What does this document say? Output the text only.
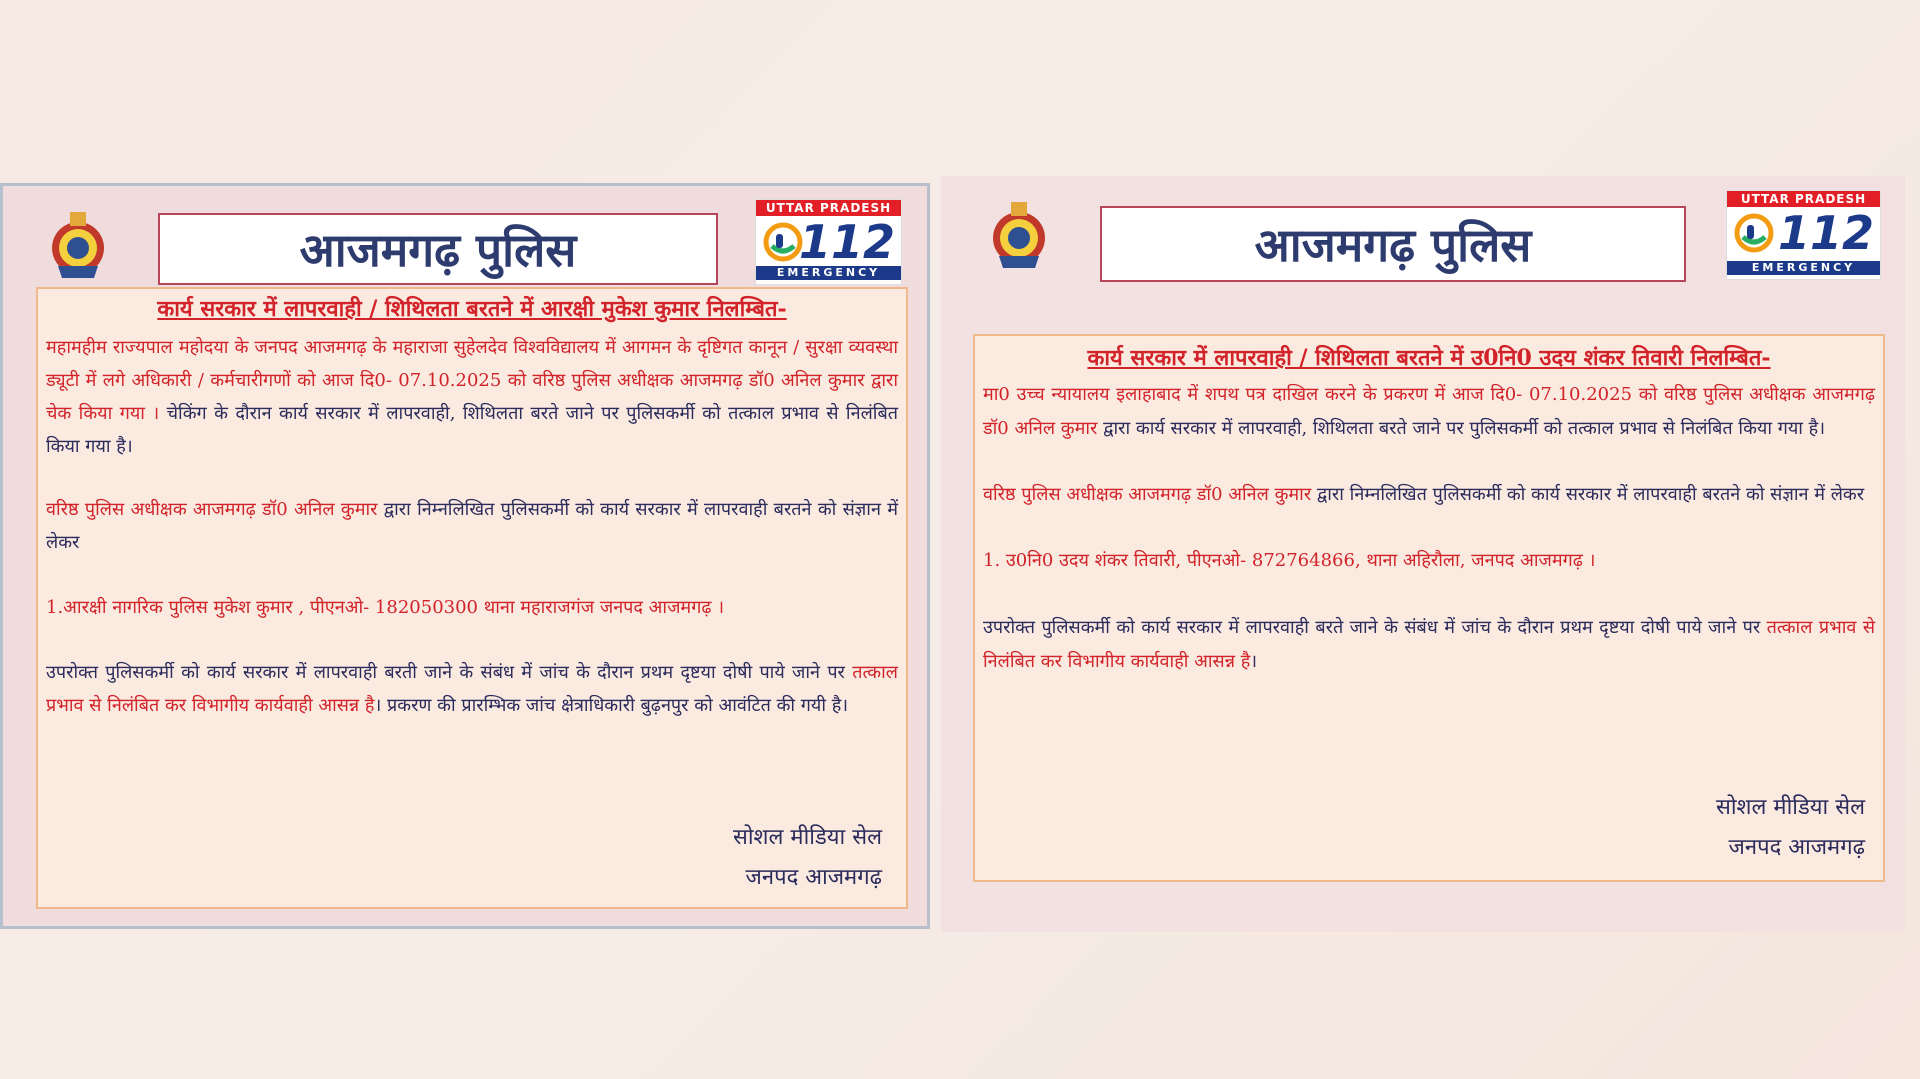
आजमगढ़ पुलिस
UTTAR PRADESH
112
EMERGENCY

कार्य सरकार में लापरवाही / शिथिलता बरतने में आरक्षी मुकेश कुमार निलम्बित-

महामहीम राज्यपाल महोदया के जनपद आजमगढ़ के महाराजा सुहेलदेव विश्वविद्यालय में आगमन के दृष्टिगत कानून / सुरक्षा व्यवस्था ड्यूटी में लगे अधिकारी / कर्मचारीगणों को आज दि0- 07.10.2025 को वरिष्ठ पुलिस अधीक्षक आजमगढ़ डॉ0 अनिल कुमार द्वारा चेक किया गया । चेकिंग के दौरान कार्य सरकार में लापरवाही, शिथिलता बरते जाने पर पुलिसकर्मी को तत्काल प्रभाव से निलंबित किया गया है।

वरिष्ठ पुलिस अधीक्षक आजमगढ़ डॉ0 अनिल कुमार द्वारा निम्नलिखित पुलिसकर्मी को कार्य सरकार में लापरवाही बरतने को संज्ञान में लेकर

1.आरक्षी नागरिक पुलिस मुकेश कुमार , पीएनओ- 182050300 थाना महाराजगंज जनपद आजमगढ़ ।

उपरोक्त पुलिसकर्मी को कार्य सरकार में लापरवाही बरती जाने के संबंध में जांच के दौरान प्रथम दृष्टया दोषी पाये जाने पर तत्काल प्रभाव से निलंबित कर विभागीय कार्यवाही आसन्न है। प्रकरण की प्रारम्भिक जांच क्षेत्राधिकारी बुढ़नपुर को आवंटित की गयी है।

सोशल मीडिया सेल
जनपद आजमगढ़
आजमगढ़ पुलिस
UTTAR PRADESH
112
EMERGENCY

कार्य सरकार में लापरवाही / शिथिलता बरतने में उ0नि0 उदय शंकर तिवारी निलम्बित-

मा0 उच्च न्यायालय इलाहाबाद में शपथ पत्र दाखिल करने के प्रकरण में आज दि0- 07.10.2025 को वरिष्ठ पुलिस अधीक्षक आजमगढ़ डॉ0 अनिल कुमार द्वारा कार्य सरकार में लापरवाही, शिथिलता बरते जाने पर पुलिसकर्मी को तत्काल प्रभाव से निलंबित किया गया है।

वरिष्ठ पुलिस अधीक्षक आजमगढ़ डॉ0 अनिल कुमार द्वारा निम्नलिखित पुलिसकर्मी को कार्य सरकार में लापरवाही बरतने को संज्ञान में लेकर

1. उ0नि0 उदय शंकर तिवारी, पीएनओ- 872764866, थाना अहिरौला, जनपद आजमगढ़ ।

उपरोक्त पुलिसकर्मी को कार्य सरकार में लापरवाही बरते जाने के संबंध में जांच के दौरान प्रथम दृष्टया दोषी पाये जाने पर तत्काल प्रभाव से निलंबित कर विभागीय कार्यवाही आसन्न है।

सोशल मीडिया सेल
जनपद आजमगढ़
